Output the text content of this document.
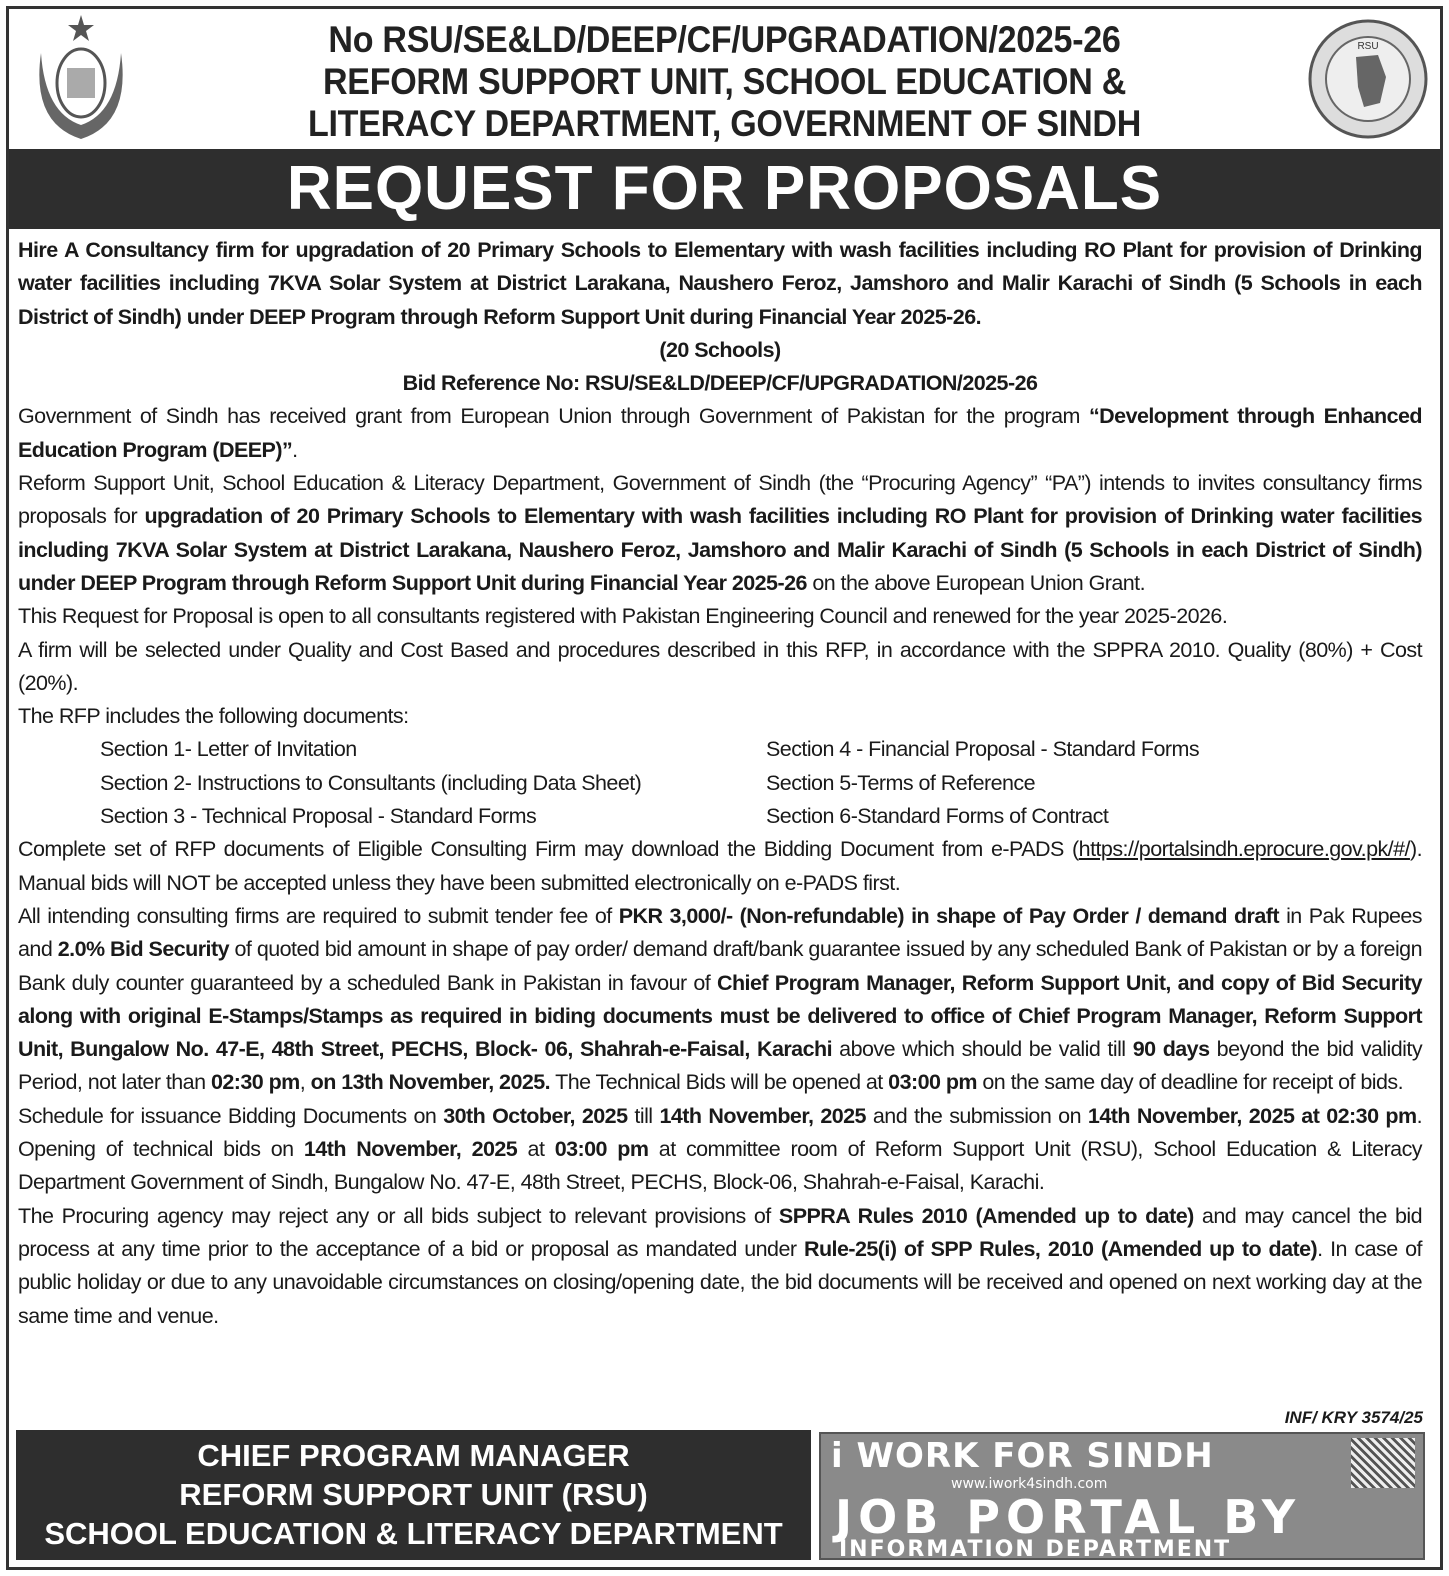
No RSU/SE&LD/DEEP/CF/UPGRADATION/2025-26
REFORM SUPPORT UNIT, SCHOOL EDUCATION &
LITERACY DEPARTMENT, GOVERNMENT OF SINDH
RSU
REQUEST FOR PROPOSALS

Hire A Consultancy firm for upgradation of 20 Primary Schools to Elementary with wash facilities including RO Plant for provision of Drinking water facilities including 7KVA Solar System at District Larakana, Naushero Feroz, Jamshoro and Malir Karachi of Sindh (5 Schools in each District of Sindh) under DEEP Program through Reform Support Unit during Financial Year 2025-26.

(20 Schools)

Bid Reference No: RSU/SE&LD/DEEP/CF/UPGRADATION/2025-26

Government of Sindh has received grant from European Union through Government of Pakistan for the program “Development through Enhanced Education Program (DEEP)”.

Reform Support Unit, School Education & Literacy Department, Government of Sindh (the “Procuring Agency” “PA”) intends to invites consultancy firms proposals for upgradation of 20 Primary Schools to Elementary with wash facilities including RO Plant for provision of Drinking water facilities including 7KVA Solar System at District Larakana, Naushero Feroz, Jamshoro and Malir Karachi of Sindh (5 Schools in each District of Sindh) under DEEP Program through Reform Support Unit during Financial Year 2025-26 on the above European Union Grant.

This Request for Proposal is open to all consultants registered with Pakistan Engineering Council and renewed for the year 2025-2026.

A firm will be selected under Quality and Cost Based and procedures described in this RFP, in accordance with the SPPRA 2010. Quality (80%) + Cost (20%).

The RFP includes the following documents:

Section 1- Letter of Invitation	Section 4 - Financial Proposal - Standard Forms
Section 2- Instructions to Consultants (including Data Sheet)	Section 5-Terms of Reference
Section 3 - Technical Proposal - Standard Forms	Section 6-Standard Forms of Contract

Complete set of RFP documents of Eligible Consulting Firm may download the Bidding Document from e-PADS (https://portalsindh.eprocure.gov.pk/#/). Manual bids will NOT be accepted unless they have been submitted electronically on e-PADS first.

All intending consulting firms are required to submit tender fee of PKR 3,000/- (Non-refundable) in shape of Pay Order / demand draft in Pak Rupees and 2.0% Bid Security of quoted bid amount in shape of pay order/ demand draft/bank guarantee issued by any scheduled Bank of Pakistan or by a foreign Bank duly counter guaranteed by a scheduled Bank in Pakistan in favour of Chief Program Manager, Reform Support Unit, and copy of Bid Security along with original E-Stamps/Stamps as required in biding documents must be delivered to office of Chief Program Manager, Reform Support Unit, Bungalow No. 47-E, 48th Street, PECHS, Block- 06, Shahrah-e-Faisal, Karachi above which should be valid till 90 days beyond the bid validity Period, not later than 02:30 pm, on 13th November, 2025. The Technical Bids will be opened at 03:00 pm on the same day of deadline for receipt of bids.

Schedule for issuance Bidding Documents on 30th October, 2025 till 14th November, 2025 and the submission on 14th November, 2025 at 02:30 pm. Opening of technical bids on 14th November, 2025 at 03:00 pm at committee room of Reform Support Unit (RSU), School Education & Literacy Department Government of Sindh, Bungalow No. 47-E, 48th Street, PECHS, Block-06, Shahrah-e-Faisal, Karachi.

The Procuring agency may reject any or all bids subject to relevant provisions of SPPRA Rules 2010 (Amended up to date) and may cancel the bid process at any time prior to the acceptance of a bid or proposal as mandated under Rule-25(i) of SPP Rules, 2010 (Amended up to date). In case of public holiday or due to any unavoidable circumstances on closing/opening date, the bid documents will be received and opened on next working day at the same time and venue.

INF/ KRY 3574/25
CHIEF PROGRAM MANAGER
REFORM SUPPORT UNIT (RSU)
SCHOOL EDUCATION & LITERACY DEPARTMENT
i WORK FOR SINDH
www.iwork4sindh.com
JOB PORTAL BY
INFORMATION DEPARTMENT
